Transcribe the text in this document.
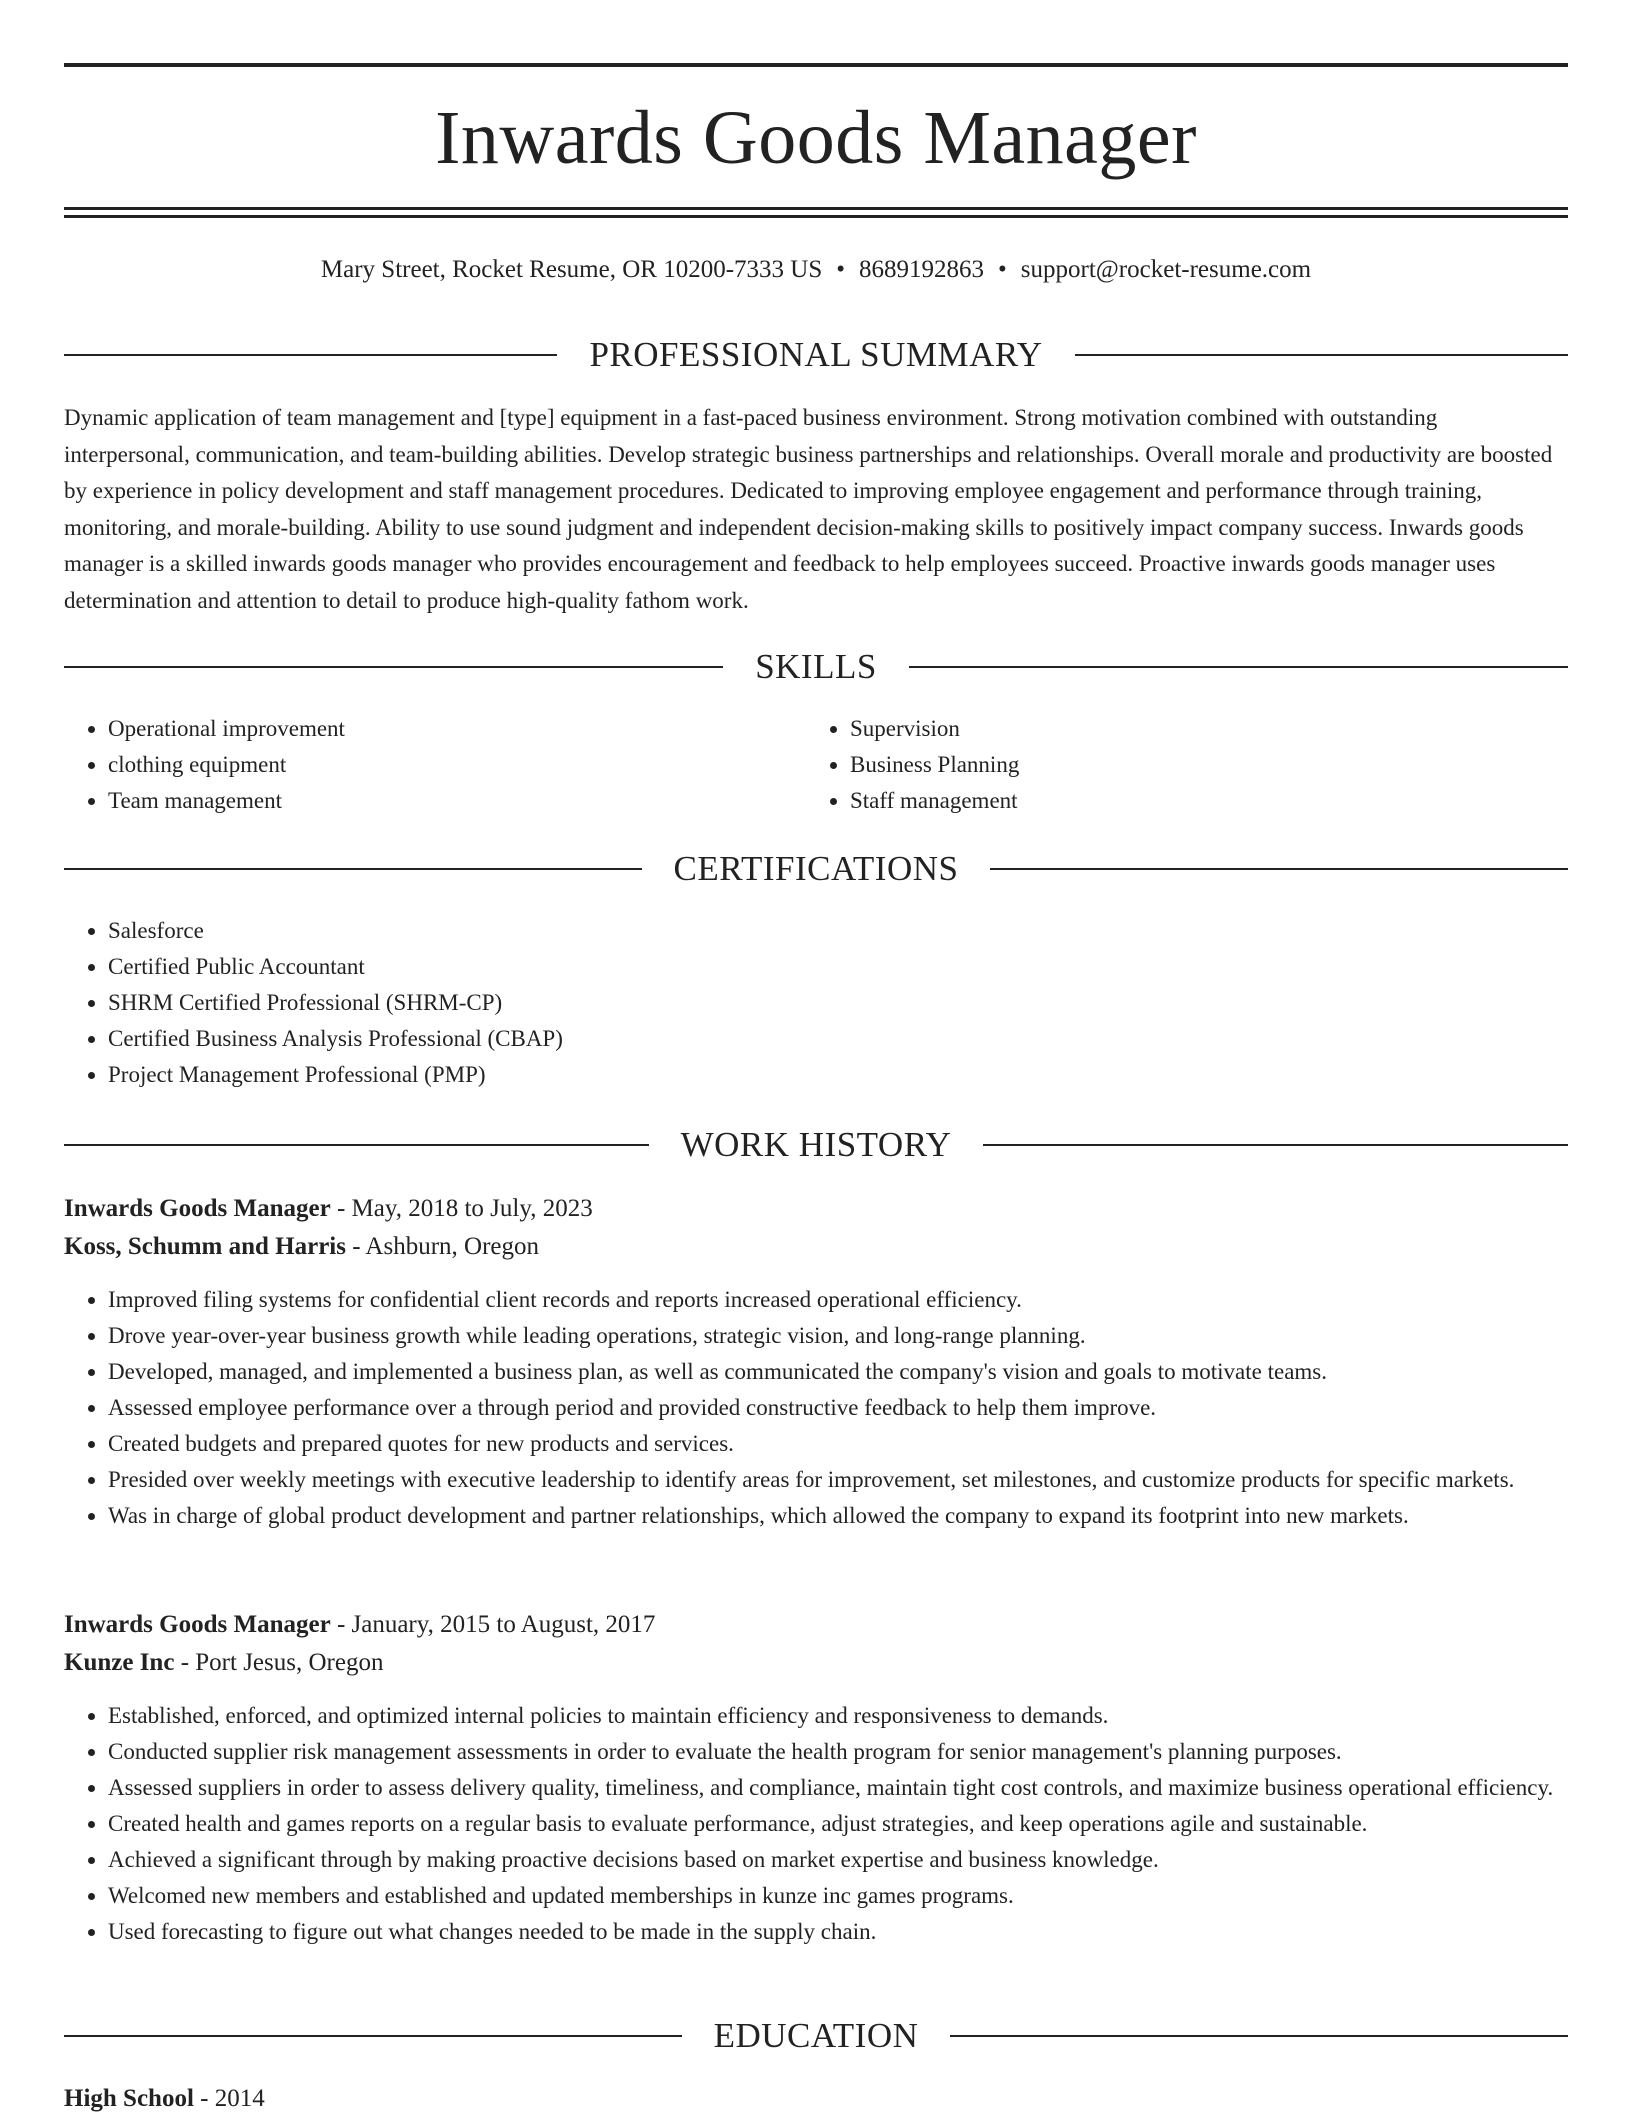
Inwards Goods Manager
Mary Street, Rocket Resume, OR 10200-7333 US • 8689192863 • support@rocket-resume.com
PROFESSIONAL SUMMARY

Dynamic application of team management and [type] equipment in a fast-paced business environment. Strong motivation combined with outstanding interpersonal, communication, and team-building abilities. Develop strategic business partnerships and relationships. Overall morale and productivity are boosted by experience in policy development and staff management procedures. Dedicated to improving employee engagement and performance through training, monitoring, and morale-building. Ability to use sound judgment and independent decision-making skills to positively impact company success. Inwards goods manager is a skilled inwards goods manager who provides encouragement and feedback to help employees succeed. Proactive inwards goods manager uses determination and attention to detail to produce high-quality fathom work.

SKILLS
• Operational improvement
• clothing equipment
• Team management
• Supervision
• Business Planning
• Staff management
CERTIFICATIONS
• Salesforce
• Certified Public Accountant
• SHRM Certified Professional (SHRM-CP)
• Certified Business Analysis Professional (CBAP)
• Project Management Professional (PMP)
WORK HISTORY
Inwards Goods Manager - May, 2018 to July, 2023
Koss, Schumm and Harris - Ashburn, Oregon
• Improved filing systems for confidential client records and reports increased operational efficiency.
• Drove year-over-year business growth while leading operations, strategic vision, and long-range planning.
• Developed, managed, and implemented a business plan, as well as communicated the company's vision and goals to motivate teams.
• Assessed employee performance over a through period and provided constructive feedback to help them improve.
• Created budgets and prepared quotes for new products and services.
• Presided over weekly meetings with executive leadership to identify areas for improvement, set milestones, and customize products for specific markets.
• Was in charge of global product development and partner relationships, which allowed the company to expand its footprint into new markets.
Inwards Goods Manager - January, 2015 to August, 2017
Kunze Inc - Port Jesus, Oregon
• Established, enforced, and optimized internal policies to maintain efficiency and responsiveness to demands.
• Conducted supplier risk management assessments in order to evaluate the health program for senior management's planning purposes.
• Assessed suppliers in order to assess delivery quality, timeliness, and compliance, maintain tight cost controls, and maximize business operational efficiency.
• Created health and games reports on a regular basis to evaluate performance, adjust strategies, and keep operations agile and sustainable.
• Achieved a significant through by making proactive decisions based on market expertise and business knowledge.
• Welcomed new members and established and updated memberships in kunze inc games programs.
• Used forecasting to figure out what changes needed to be made in the supply chain.
EDUCATION
High School - 2014
